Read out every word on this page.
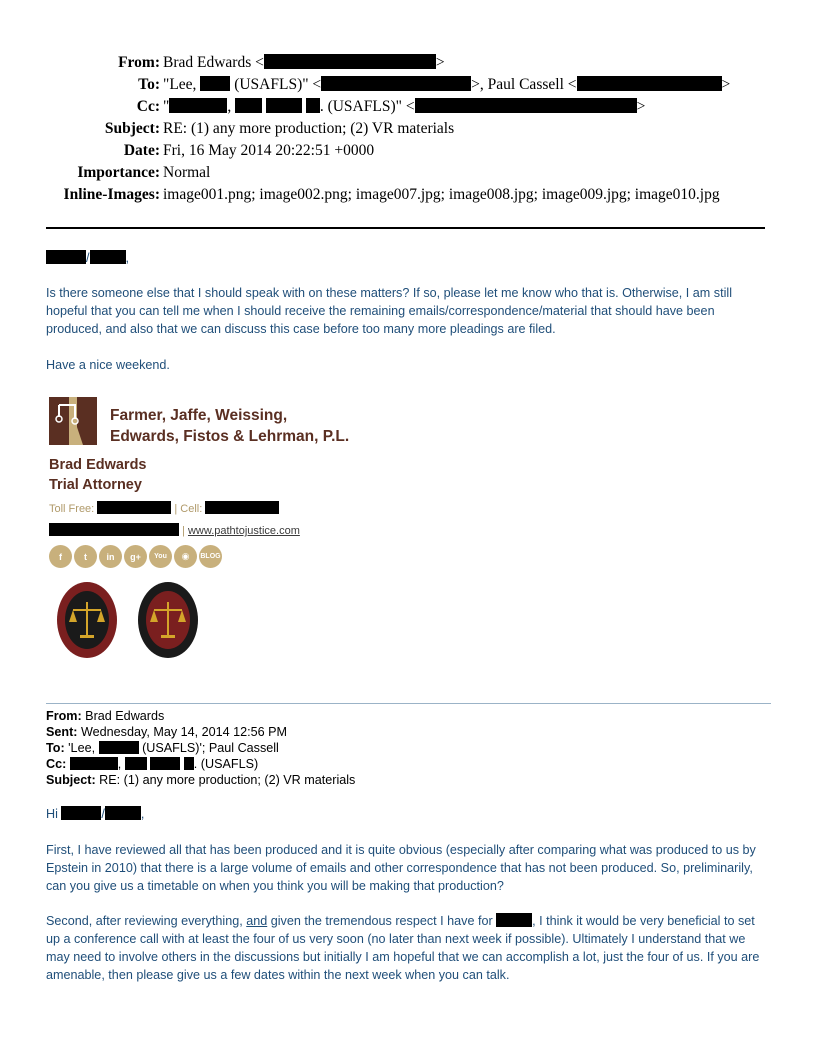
From: Brad Edwards <	>
To: "Lee,  (USAFLS)" <	>, Paul Cassell <	>
Cc: "	,	. (USAFLS)" <	>
Subject: RE: (1) any more production; (2) VR materials
Date: Fri, 16 May 2014 20:22:51 +0000
Importance: Normal
Inline-Images: image001.png; image002.png; image007.jpg; image008.jpg; image009.jpg; image010.jpg
/	,
Is there someone else that I should speak with on these matters? If so, please let me know who that is. Otherwise, I am still hopeful that you can tell me when I should receive the remaining emails/correspondence/material that should have been produced, and also that we can discuss this case before too many more pleadings are filed.
Have a nice weekend.
Farmer, Jaffe, Weissing,
Edwards, Fistos & Lehrman, P.L.
Brad Edwards
Trial Attorney
Toll Free:	| Cell:
| www.pathtojustice.com
f	t	in	g+	You	◉	BLOG
From: Brad Edwards
Sent: Wednesday, May 14, 2014 12:56 PM
To: 'Lee,	(USAFLS)'; Paul Cassell
Cc:	,	. (USAFLS)
Subject: RE: (1) any more production; (2) VR materials
Hi	/	,
First, I have reviewed all that has been produced and it is quite obvious (especially after comparing what was produced to us by Epstein in 2010) that there is a large volume of emails and other correspondence that has not been produced. So, preliminarily, can you give us a timetable on when you think you will be making that production?
Second, after reviewing everything, and given the tremendous respect I have for	, I think it would be very beneficial to set up a conference call with at least the four of us very soon (no later than next week if possible). Ultimately I understand that we may need to involve others in the discussions but initially I am hopeful that we can accomplish a lot, just the four of us. If you are amenable, then please give us a few dates within the next week when you can talk.
